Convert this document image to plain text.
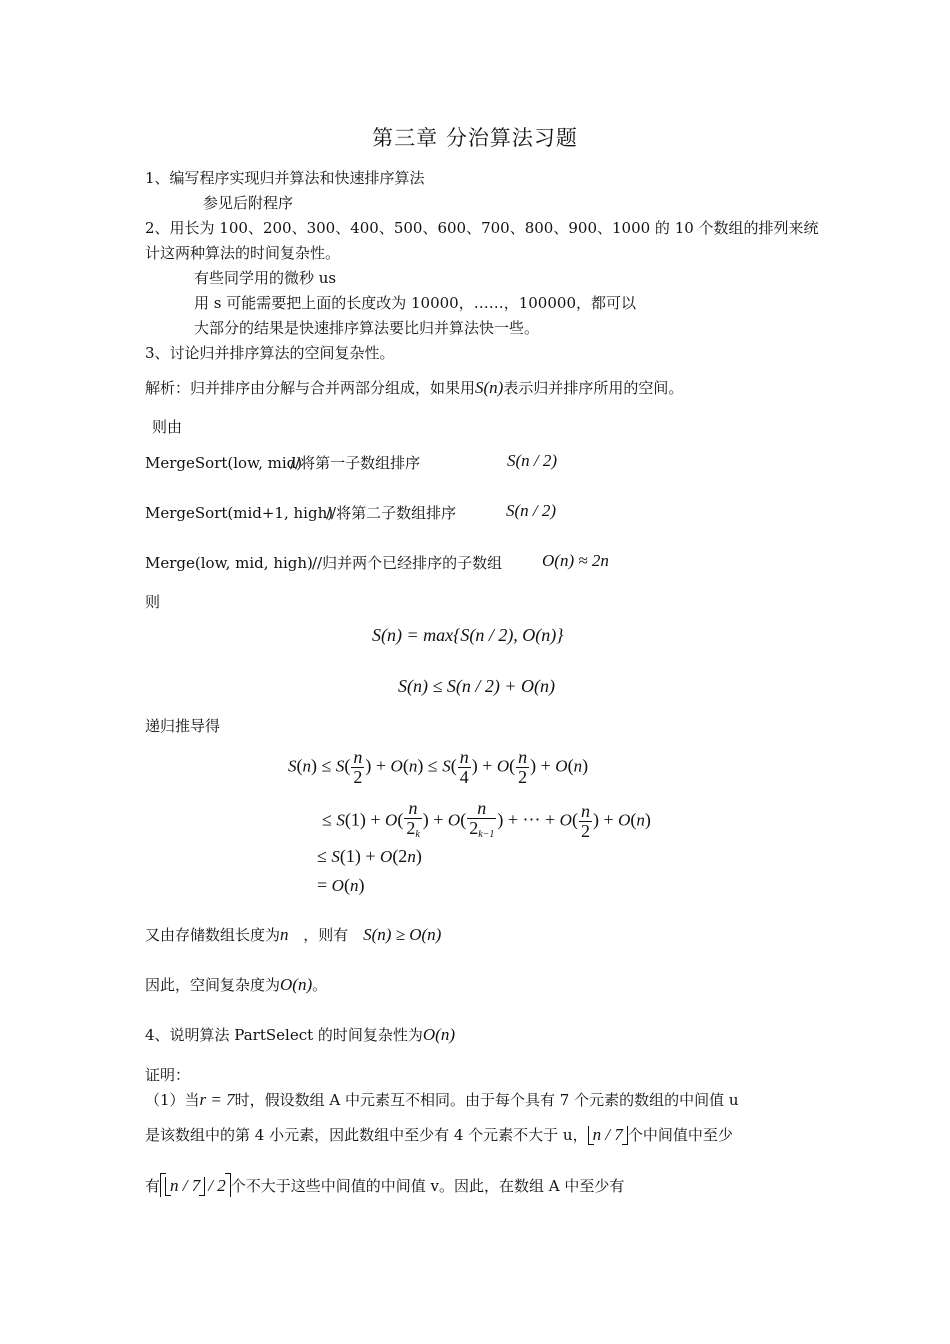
第三章 分治算法习题
1、编写程序实现归并算法和快速排序算法
参见后附程序
2、用长为 100、200、300、400、500、600、700、800、900、1000 的 10 个数组的排列来统
计这两种算法的时间复杂性。
有些同学用的微秒 us
用 s 可能需要把上面的长度改为 10000，……，100000，都可以
大部分的结果是快速排序算法要比归并算法快一些。
3、讨论归并排序算法的空间复杂性。
解析：归并排序由分解与合并两部分组成，如果用S(n)表示归并排序所用的空间。
则由
MergeSort(low, mid)
//将第一子数组排序	S(n / 2)
MergeSort(mid+1, high)
//将第二子数组排序	S(n / 2)
Merge(low, mid, high) //归并两个已经排序的子数组 O(n) ≈ 2n
则
S(n) = max{S(n / 2), O(n)}
S(n) ≤ S(n / 2) + O(n)
递归推导得
$S(n) \le S( \frac{n}{2}$ ) + $O(n) \le S( \frac{n}{4}$ ) + $O( \frac{n}{2}$ ) + O(n)
≤ $S(1) + O( \frac{n}{2_k}$ ) + $O( \frac{n}{2_{k-1}}$ ) + ··· + $O( \frac{n}{2}$ ) + O(n)
≤ S(1) + O(2n)
= O(n)
又由存储数组长度为n ，则有 S(n) ≥ O(n)
因此，空间复杂度为O(n)。
4、说明算法 PartSelect 的时间复杂性为O(n)
证明：
（1）当r = 7时，假设数组 A 中元素互不相同。由于每个具有 7 个元素的数组的中间值 u
是该数组中的第 4 小元素，因此数组中至少有 4 个元素不大于 u， n / 7 个中间值中至少
有 n / 7 / 2 个不大于这些中间值的中间值 v。因此，在数组 A 中至少有
